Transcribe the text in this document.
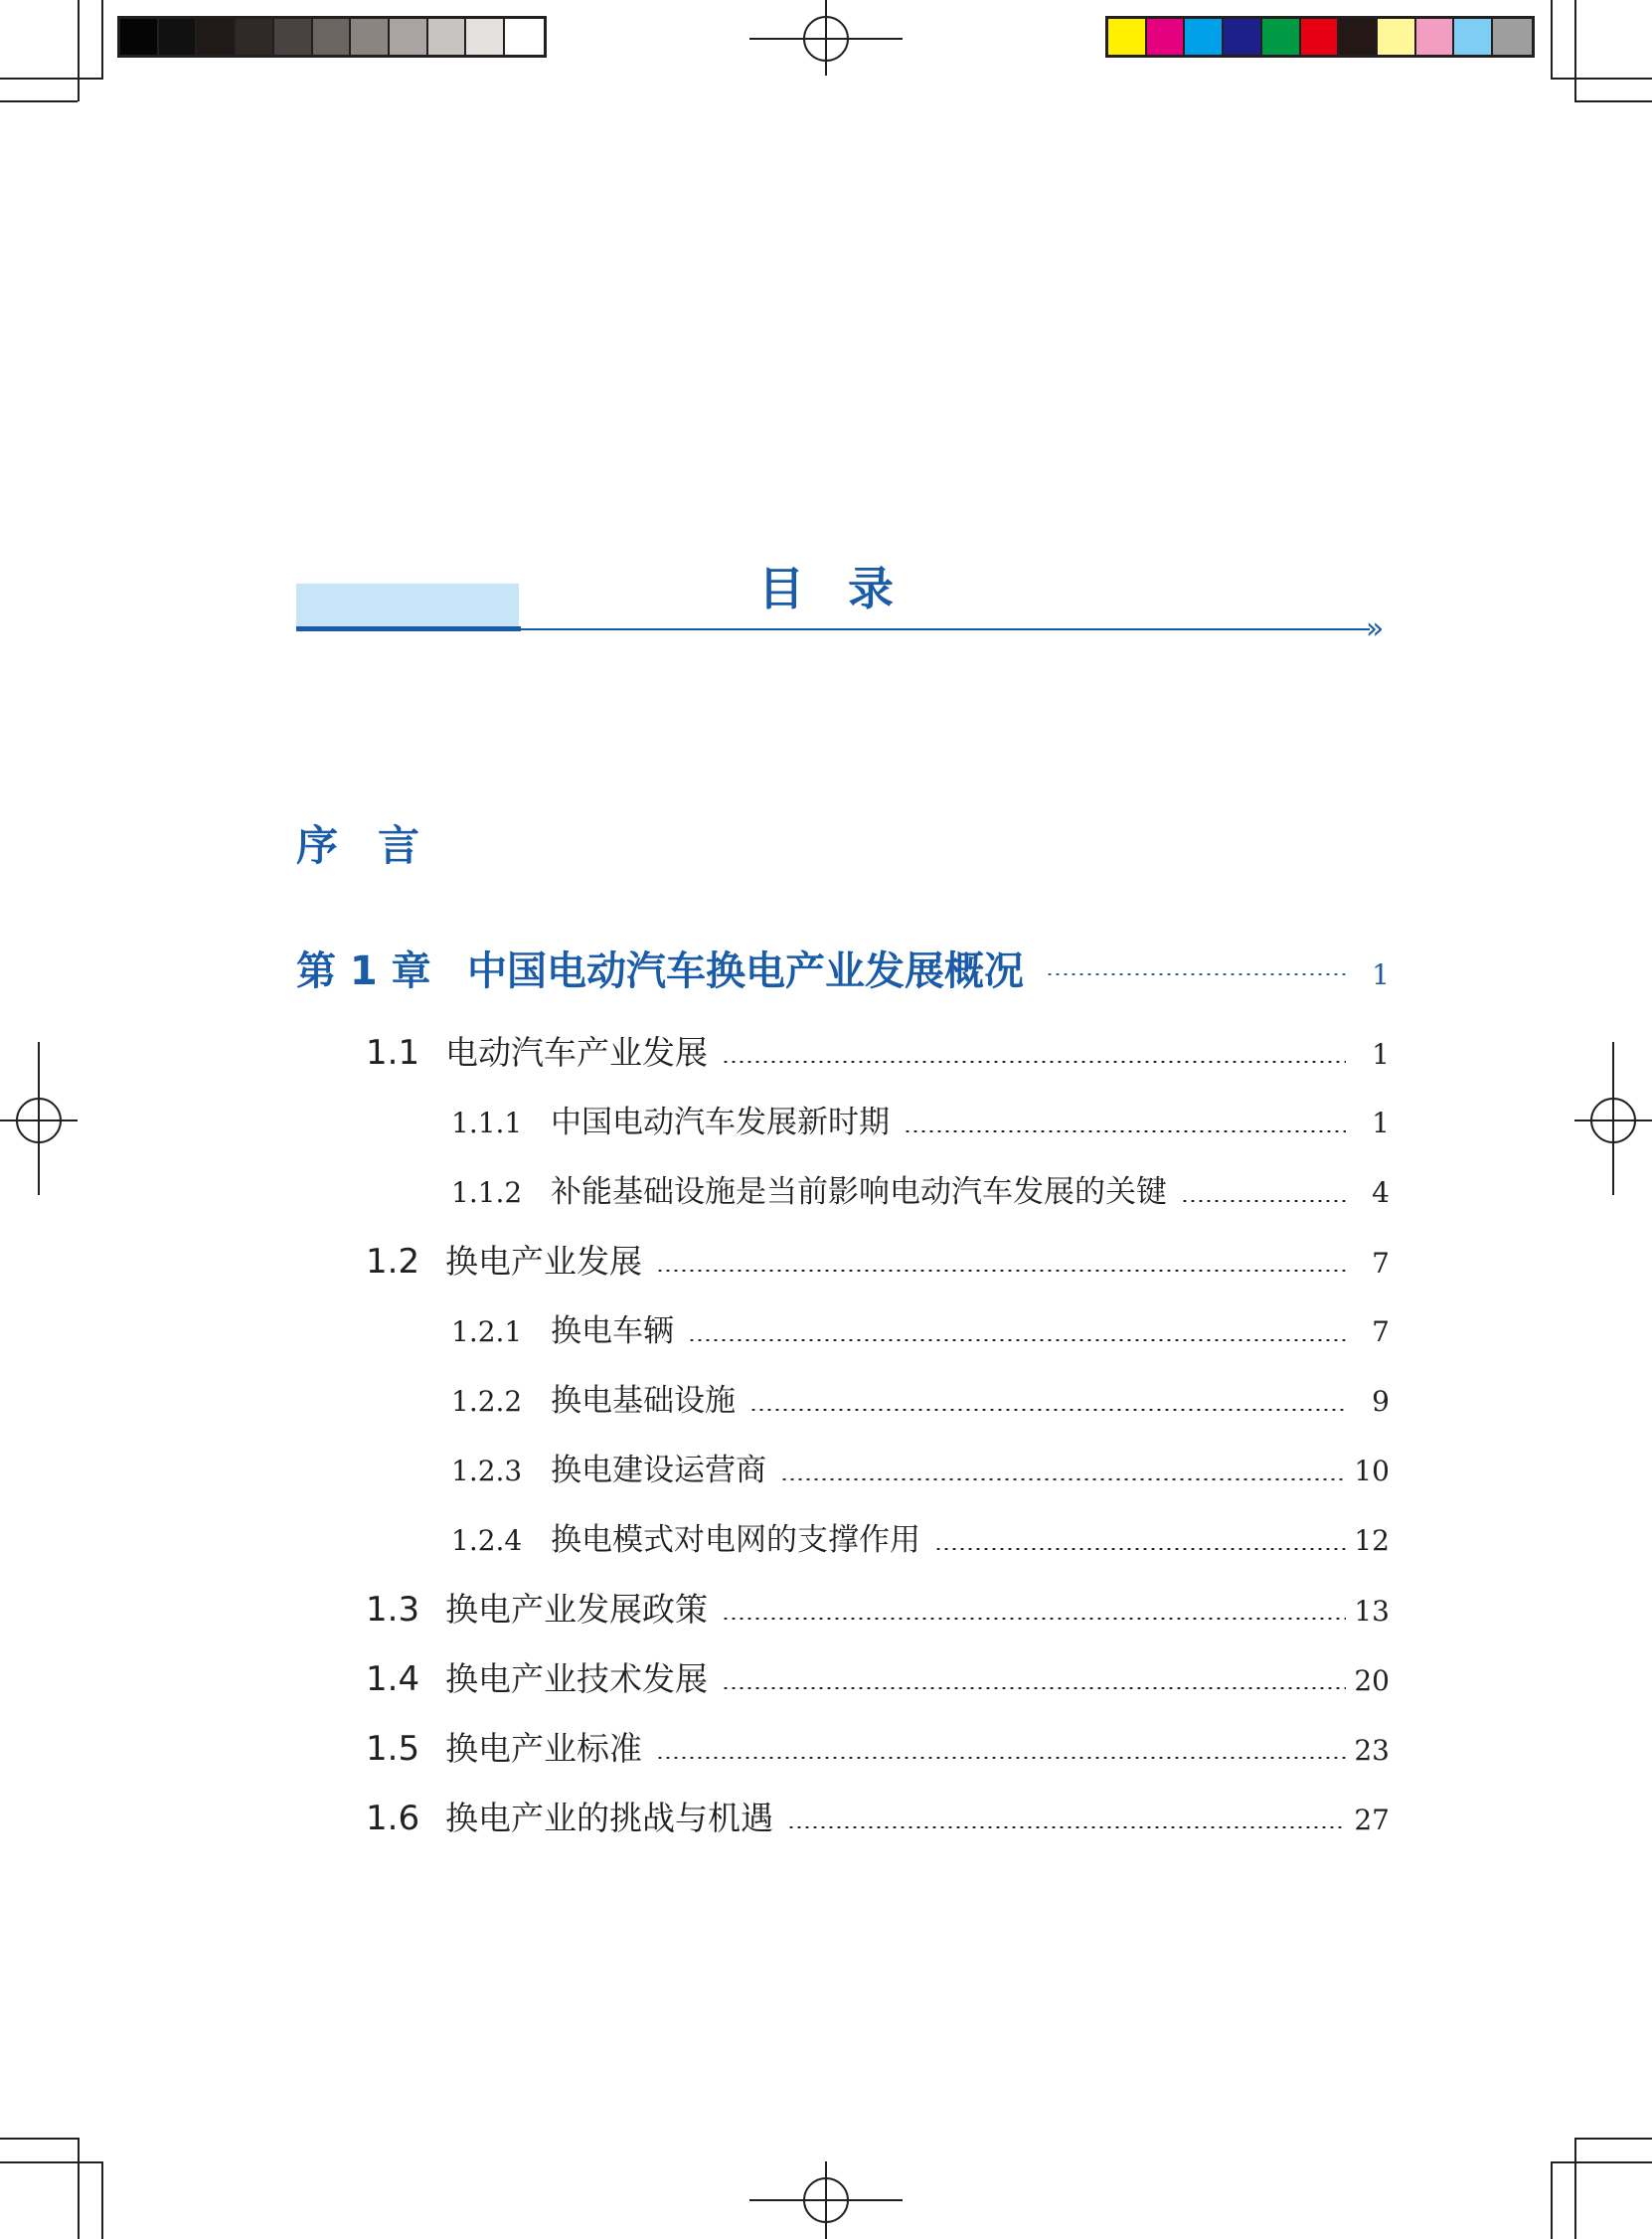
»
目录
序言
第 1 章 中国电动汽车换电产业发展概况	1
1.1 电动汽车产业发展	1
1.1.1 中国电动汽车发展新时期	1
1.1.2 补能基础设施是当前影响电动汽车发展的关键	4
1.2 换电产业发展	7
1.2.1 换电车辆	7
1.2.2 换电基础设施	9
1.2.3 换电建设运营商	10
1.2.4 换电模式对电网的支撑作用	12
1.3 换电产业发展政策	13
1.4 换电产业技术发展	20
1.5 换电产业标准	23
1.6 换电产业的挑战与机遇	27
